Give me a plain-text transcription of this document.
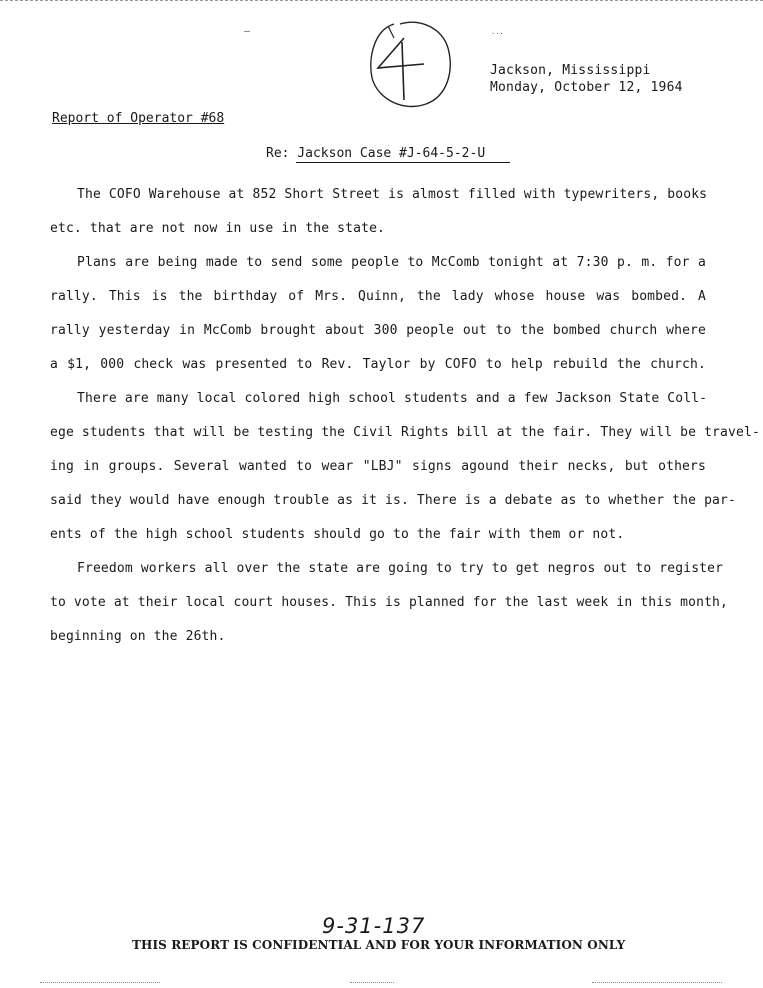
—	···
Jackson, Mississippi
Monday, October 12, 1964
Report of Operator #68
Re: Jackson Case #J-64-5-2-U
The COFO Warehouse at 852 Short Street is almost filled with typewriters, books
etc. that are not now in use in the state.
Plans are being made to send some people to McComb tonight at 7:30 p. m. for a
rally. This is the birthday of Mrs. Quinn, the lady whose house was bombed. A
rally yesterday in McComb brought about 300 people out to the bombed church where
a $1, 000 check was presented to Rev. Taylor by COFO to help rebuild the church.
There are many local colored high school students and a few Jackson State Coll-
ege students that will be testing the Civil Rights bill at the fair. They will be travel-
ing in groups. Several wanted to wear "LBJ" signs agound their necks, but others
said they would have enough trouble as it is. There is a debate as to whether the par-
ents of the high school students should go to the fair with them or not.
Freedom workers all over the state are going to try to get negros out to register
to vote at their local court houses. This is planned for the last week in this month,
beginning on the 26th.
9-31-137
THIS REPORT IS CONFIDENTIAL AND FOR YOUR INFORMATION ONLY
